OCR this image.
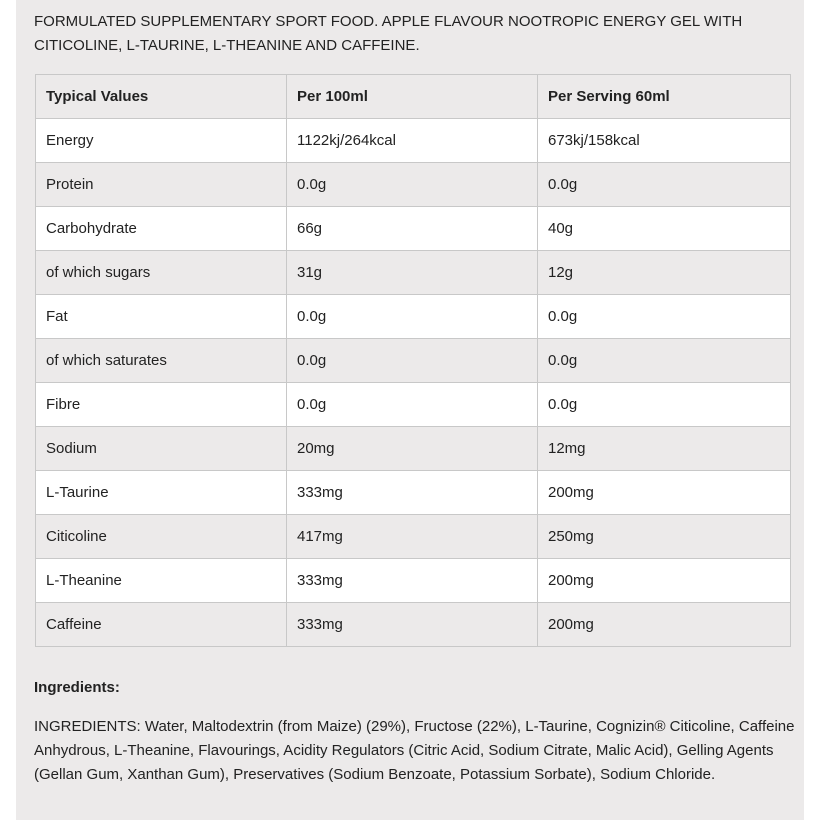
FORMULATED SUPPLEMENTARY SPORT FOOD. APPLE FLAVOUR NOOTROPIC ENERGY GEL WITH CITICOLINE, L-TAURINE, L-THEANINE AND CAFFEINE.

Typical Values	Per 100ml	Per Serving 60ml
Energy	1122kj/264kcal	673kj/158kcal
Protein	0.0g	0.0g
Carbohydrate	66g	40g
of which sugars	31g	12g
Fat	0.0g	0.0g
of which saturates	0.0g	0.0g
Fibre	0.0g	0.0g
Sodium	20mg	12mg
L-Taurine	333mg	200mg
Citicoline	417mg	250mg
L-Theanine	333mg	200mg
Caffeine	333mg	200mg

Ingredients:

INGREDIENTS: Water, Maltodextrin (from Maize) (29%), Fructose (22%), L-Taurine, Cognizin® Citicoline, Caffeine Anhydrous, L-Theanine, Flavourings, Acidity Regulators (Citric Acid, Sodium Citrate, Malic Acid), Gelling Agents (Gellan Gum, Xanthan Gum), Preservatives (Sodium Benzoate, Potassium Sorbate), Sodium Chloride.
